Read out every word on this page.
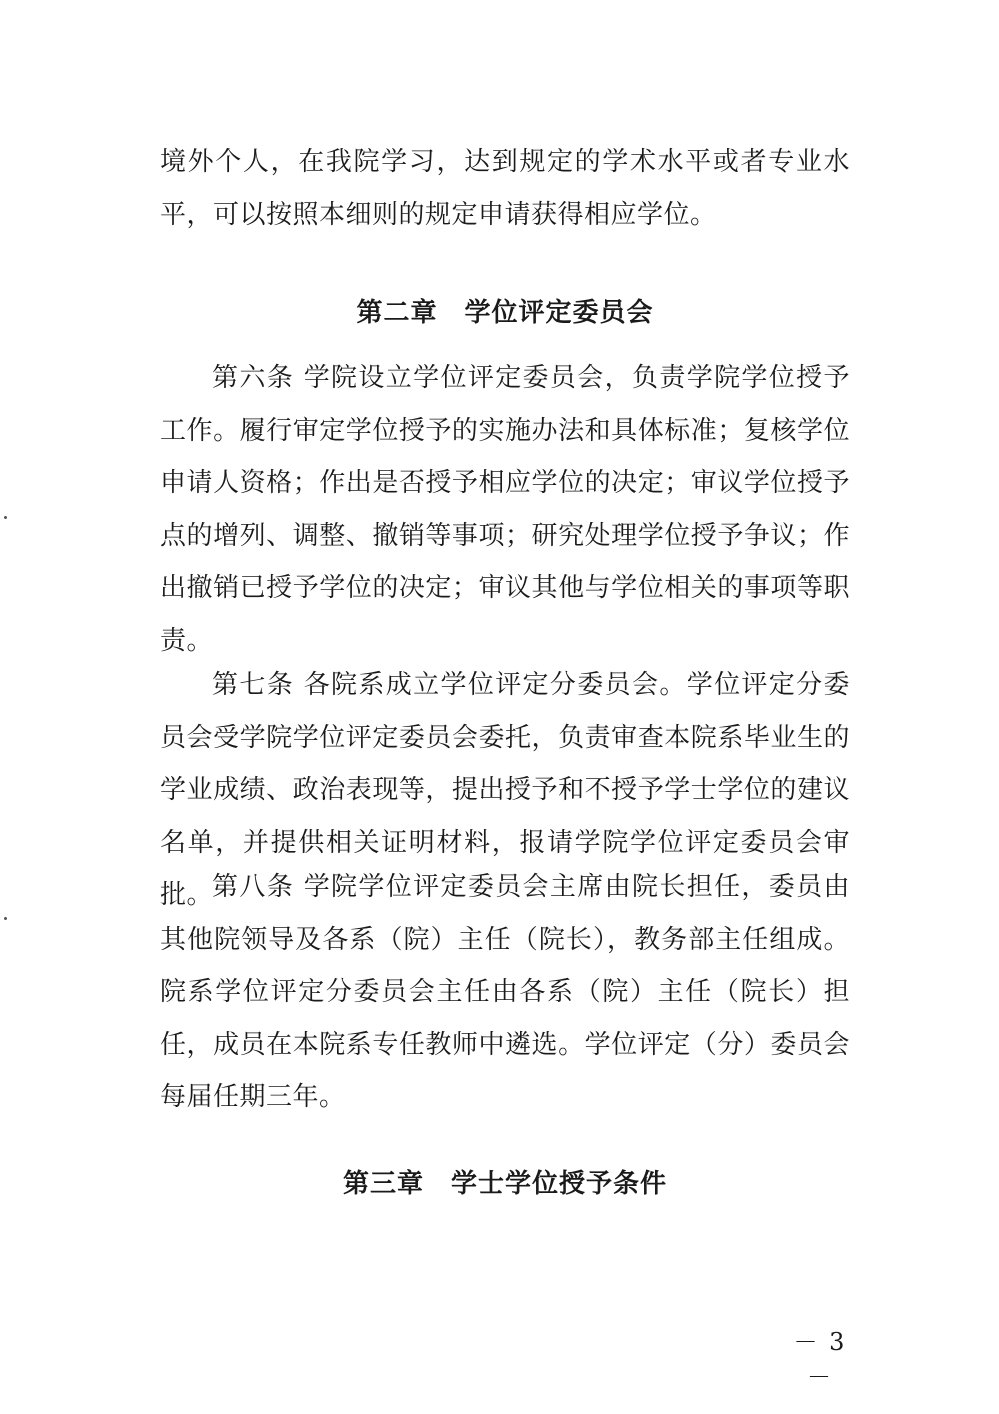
境外个人，在我院学习，达到规定的学术水平或者专业水平，可以按照本细则的规定申请获得相应学位。
第二章　学位评定委员会
第六条 学院设立学位评定委员会，负责学院学位授予工作。履行审定学位授予的实施办法和具体标准；复核学位申请人资格；作出是否授予相应学位的决定；审议学位授予点的增列、调整、撤销等事项；研究处理学位授予争议；作出撤销已授予学位的决定；审议其他与学位相关的事项等职责。
第七条 各院系成立学位评定分委员会。学位评定分委员会受学院学位评定委员会委托，负责审查本院系毕业生的学业成绩、政治表现等，提出授予和不授予学士学位的建议名单，并提供相关证明材料，报请学院学位评定委员会审批。
第八条 学院学位评定委员会主席由院长担任，委员由其他院领导及各系（院）主任（院长），教务部主任组成。院系学位评定分委员会主任由各系（院）主任（院长）担任，成员在本院系专任教师中遴选。学位评定（分）委员会每届任期三年。
第三章　学士学位授予条件
－ 3 －
